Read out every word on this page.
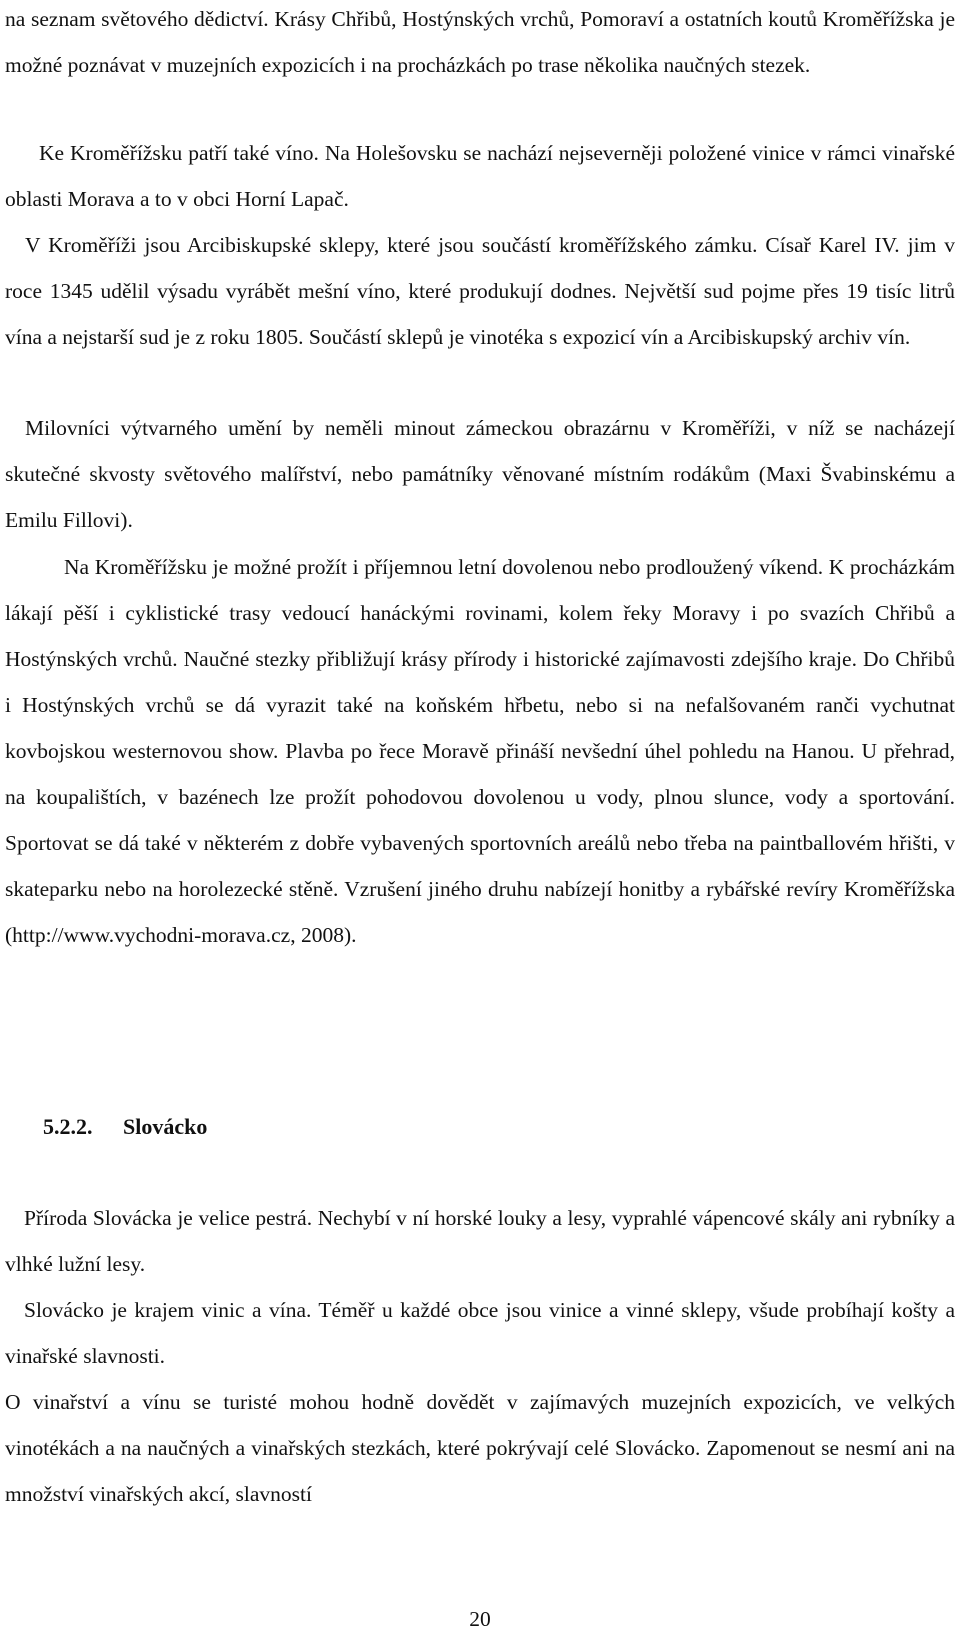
na seznam světového dědictví. Krásy Chřibů, Hostýnských vrchů, Pomoraví a ostatních koutů Kroměřížska je možné poznávat v muzejních expozicích i na procházkách po trase několika naučných stezek.

Ke Kroměřížsku patří také víno. Na Holešovsku se nachází nejseverněji položené vinice v rámci vinařské oblasti Morava a to v obci Horní Lapač.

V Kroměříži jsou Arcibiskupské sklepy, které jsou součástí kroměřížského zámku. Císař Karel IV. jim v roce 1345 udělil výsadu vyrábět mešní víno, které produkují dodnes. Největší sud pojme přes 19 tisíc litrů vína a nejstarší sud je z roku 1805. Součástí sklepů je vinotéka s expozicí vín a Arcibiskupský archiv vín.

Milovníci výtvarného umění by neměli minout zámeckou obrazárnu v Kroměříži, v níž se nacházejí skutečné skvosty světového malířství, nebo památníky věnované místním rodákům (Maxi Švabinskému a Emilu Fillovi).

Na Kroměřížsku je možné prožít i příjemnou letní dovolenou nebo prodloužený víkend. K procházkám lákají pěší i cyklistické trasy vedoucí hanáckými rovinami, kolem řeky Moravy i po svazích Chřibů a Hostýnských vrchů. Naučné stezky přibližují krásy přírody i historické zajímavosti zdejšího kraje. Do Chřibů i Hostýnských vrchů se dá vyrazit také na koňském hřbetu, nebo si na nefalšovaném ranči vychutnat kovbojskou westernovou show. Plavba po řece Moravě přináší nevšední úhel pohledu na Hanou. U přehrad, na koupalištích, v bazénech lze prožít pohodovou dovolenou u vody, plnou slunce, vody a sportování. Sportovat se dá také v některém z dobře vybavených sportovních areálů nebo třeba na paintballovém hřišti, v skateparku nebo na horolezecké stěně. Vzrušení jiného druhu nabízejí honitby a rybářské revíry Kroměřížska (http://www.vychodni-morava.cz, 2008).

5.2.2. Slovácko

Příroda Slovácka je velice pestrá. Nechybí v ní horské louky a lesy, vyprahlé vápencové skály ani rybníky a vlhké lužní lesy.

Slovácko je krajem vinic a vína. Téměř u každé obce jsou vinice a vinné sklepy, všude probíhají košty a vinařské slavnosti.

O vinařství a vínu se turisté mohou hodně dovědět v zajímavých muzejních expozicích, ve velkých vinotékách a na naučných a vinařských stezkách, které pokrývají celé Slovácko. Zapomenout se nesmí ani na množství vinařských akcí, slavností

20
